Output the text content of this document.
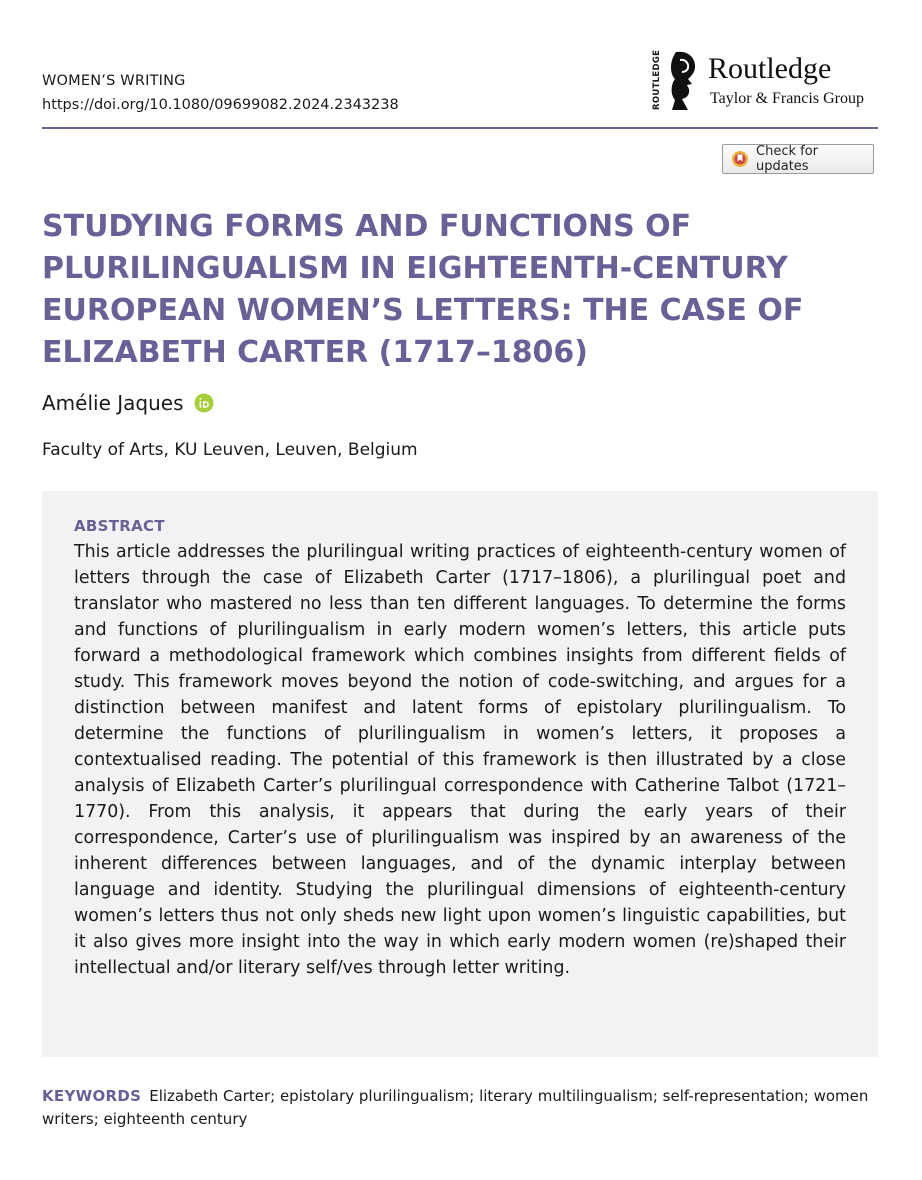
WOMEN’S WRITING
https://doi.org/10.1080/09699082.2024.2343238	ROUTLEDGE Routledge
Taylor & Francis Group
Check for updates
STUDYING FORMS AND FUNCTIONS OF PLURILINGUALISM IN EIGHTEENTH-CENTURY EUROPEAN WOMEN’S LETTERS: THE CASE OF ELIZABETH CARTER (1717–1806)
Amélie Jaques
Faculty of Arts, KU Leuven, Leuven, Belgium
ABSTRACT

This article addresses the plurilingual writing practices of eighteenth-century women of letters through the case of Elizabeth Carter (1717–1806), a plurilingual poet and translator who mastered no less than ten different languages. To determine the forms and functions of plurilingualism in early modern women’s letters, this article puts forward a methodological framework which combines insights from different fields of study. This framework moves beyond the notion of code-switching, and argues for a distinction between manifest and latent forms of epistolary plurilingualism. To determine the functions of plurilingualism in women’s letters, it proposes a contextualised reading. The potential of this framework is then illustrated by a close analysis of Elizabeth Carter’s plurilingual correspondence with Catherine Talbot (1721–1770). From this analysis, it appears that during the early years of their correspondence, Carter’s use of plurilingualism was inspired by an awareness of the inherent differences between languages, and of the dynamic interplay between language and identity. Studying the plurilingual dimensions of eighteenth-century women’s letters thus not only sheds new light upon women’s linguistic capabilities, but it also gives more insight into the way in which early modern women (re)shaped their intellectual and/or literary self/ves through letter writing.

KEYWORDS Elizabeth Carter; epistolary plurilingualism; literary multilingualism; self-representation; women writers; eighteenth century
